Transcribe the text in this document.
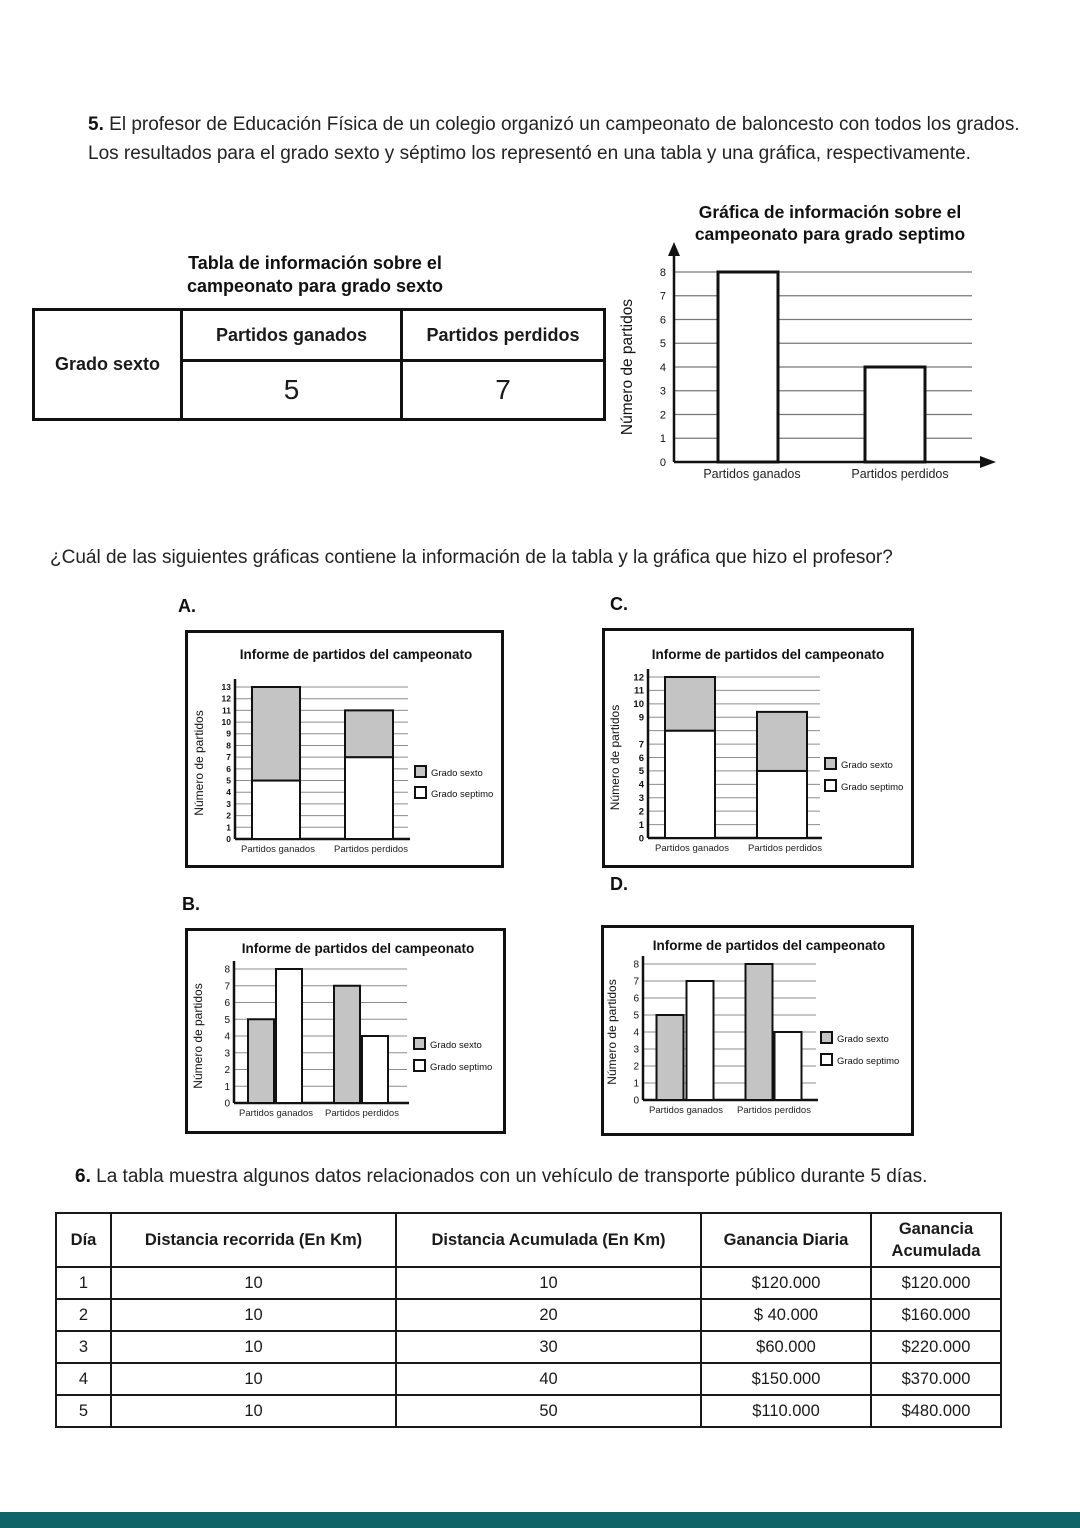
5. El profesor de Educación Física de un colegio organizó un campeonato de baloncesto con todos los grados. Los resultados para el grado sexto y séptimo los representó en una tabla y una gráfica, respectivamente.
Tabla de información sobre el
campeonato para grado sexto
Grado sexto	Partidos ganados	Partidos perdidos
	5	7
Gráfica de información sobre el
campeonato para grado septimo
0
1
2
3
4
5
6
7
8
Número de partidos
Partidos ganados	Partidos perdidos
¿Cuál de las siguientes gráficas contiene la información de la tabla y la gráfica que hizo el profesor?
A.
Informe de partidos del campeonato
0
1
2
3
4
5
6
7
8
9
10
11
12
13
Número de partidos
Partidos ganados Partidos perdidos
Grado sexto
Grado septimo
C.
Informe de partidos del campeonato
0
1
2
3
4
5
6
7
9
10
11
12
Número de partidos
Partidos ganados Partidos perdidos
Grado sexto
Grado septimo
B.
Informe de partidos del campeonato
0
1
2
3
4
5
6
7
8
Número de partidos
Partidos ganados Partidos perdidos
Grado sexto
Grado septimo
D.
Informe de partidos del campeonato
0
1
2
3
4
5
6
7
8
Número de partidos
Partidos ganados Partidos perdidos
Grado sexto
Grado septimo
6. La tabla muestra algunos datos relacionados con un vehículo de transporte público durante 5 días.
Día	Distancia recorrida (En Km)	Distancia Acumulada (En Km)	Ganancia Diaria	Ganancia Acumulada
1	10	10	$120.000	$120.000
2	10	20	$ 40.000	$160.000
3	10	30	$60.000	$220.000
4	10	40	$150.000	$370.000
5	10	50	$110.000	$480.000
